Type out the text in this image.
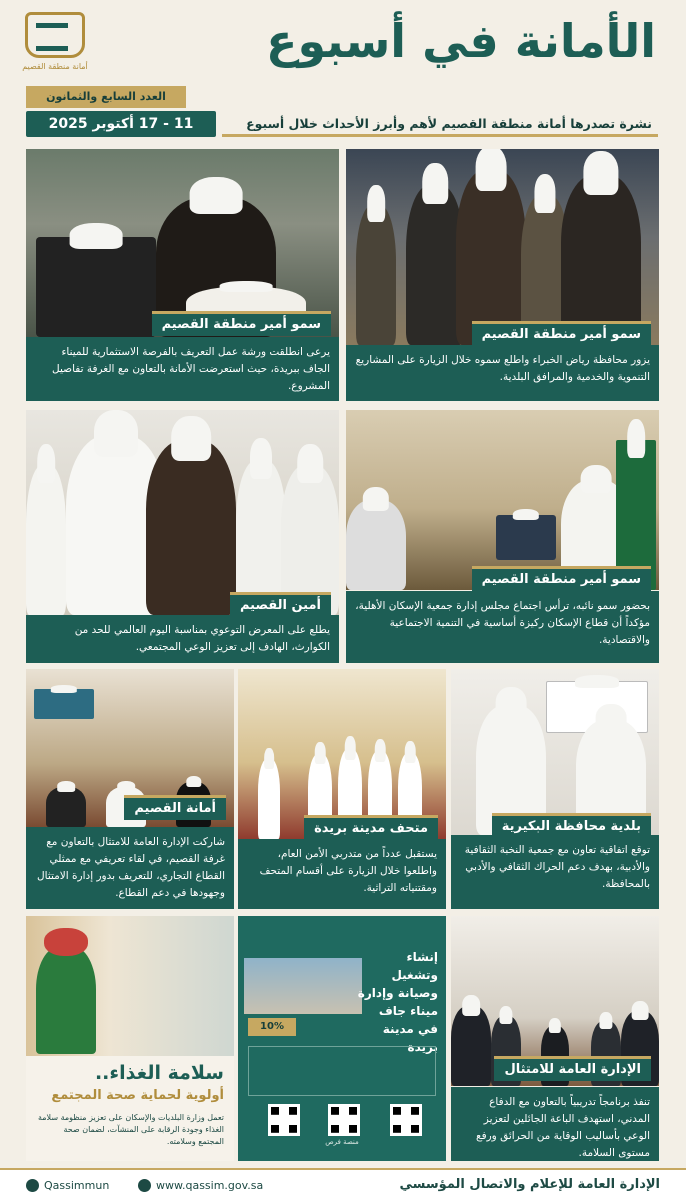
أمانة منطقة القصيم	الأمانة في أسبوع
العدد السابع والثمانون
11 - 17 أكتوبر 2025	نشرة تصدرها أمانة منطقة القصيم لأهم وأبرز الأحداث خلال أسبوع
سمو أمير منطقة القصيم
يزور محافظة رياض الخبراء واطلع سموه خلال الزيارة على المشاريع التنموية والخدمية والمرافق البلدية.
سمو أمير منطقة القصيم
يرعى انطلقت ورشة عمل التعريف بالفرصة الاستثمارية للميناء الجاف ببريدة، حيث استعرضت الأمانة بالتعاون مع الغرفة تفاصيل المشروع.
سمو أمير منطقة القصيم
بحضور سمو نائبه، ترأس اجتماع مجلس إدارة جمعية الإسكان الأهلية، مؤكداً أن قطاع الإسكان ركيزة أساسية في التنمية الاجتماعية والاقتصادية.
أمين القصيم
يطلع على المعرض التوعوي بمناسبة اليوم العالمي للحد من الكوارث، الهادف إلى تعزيز الوعي المجتمعي.
بلدية محافظة البكيرية
توقع اتفاقية تعاون مع جمعية النخبة الثقافية والأدبية، بهدف دعم الحراك الثقافي والأدبي بالمحافظة.
متحف مدينة بريدة
يستقبل عدداً من متدربي الأمن العام، واطلعوا خلال الزيارة على أقسام المتحف ومقتنياته التراثية.
أمانة القصيم
شاركت الإدارة العامة للامتثال بالتعاون مع غرفة القصيم، في لقاء تعريفي مع ممثلي القطاع التجاري، للتعريف بدور إدارة الامتثال وجهودها في دعم القطاع.
الإدارة العامة للامتثال
تنفذ برنامجاً تدريبياً بالتعاون مع الدفاع المدني، استهدف الباعة الجائلين لتعزيز الوعي بأساليب الوقاية من الحرائق ورفع مستوى السلامة.
إنشاء وتشغيل وصيانة وإدارة ميناء جاف في مدينة بريدة
10%
منصة فرص
سلامة الغذاء..
أولوية لحماية صحة المجتمع
تعمل وزارة البلديات والإسكان على تعزيز منظومة سلامة الغذاء وجودة الرقابة على المنشآت، لضمان صحة المجتمع وسلامته.
الإدارة العامة للإعلام والاتصال المؤسسي
www.qassim.gov.sa
Qassimmun
